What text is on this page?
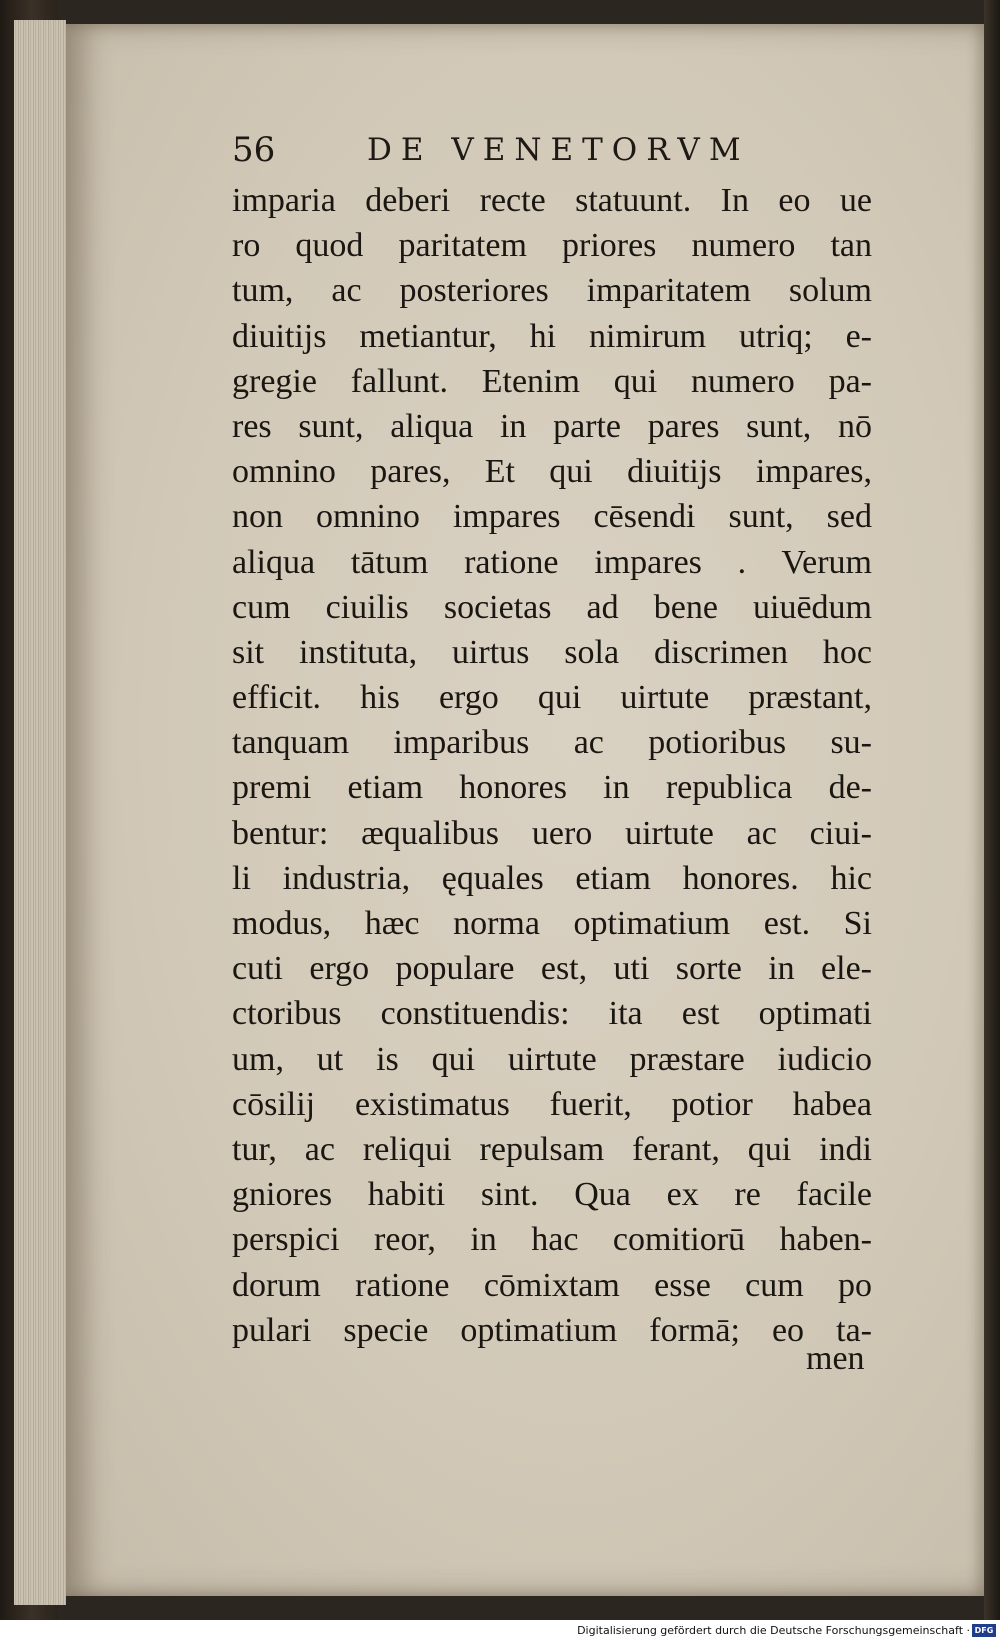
56	DE VENETORVM
imparia deberi recte statuunt. In eo ue
ro quod paritatem priores numero tan
tum, ac posteriores imparitatem solum
diuitijs metiantur, hi nimirum utriq; e-
gregie fallunt. Etenim qui numero pa-
res sunt, aliqua in parte pares sunt, nō
omnino pares, Et qui diuitijs impares,
non omnino impares cēsendi sunt, sed
aliqua tātum ratione impares . Verum
cum ciuilis societas ad bene uiuēdum
sit instituta, uirtus sola discrimen hoc
efficit. his ergo qui uirtute præstant,
tanquam imparibus ac potioribus su-
premi etiam honores in republica de-
bentur: æqualibus uero uirtute ac ciui-
li industria, ęquales etiam honores. hic
modus, hæc norma optimatium est. Si
cuti ergo populare est, uti sorte in ele-
ctoribus constituendis: ita est optimati
um, ut is qui uirtute præstare iudicio
cōsilij existimatus fuerit, potior habea
tur, ac reliqui repulsam ferant, qui indi
gniores habiti sint. Qua ex re facile
perspici reor, in hac comitiorū haben-
dorum ratione cōmixtam esse cum po
pulari specie optimatium formā; eo ta-
men
Digitalisierung gefördert durch die Deutsche Forschungsgemeinschaft · DFG
